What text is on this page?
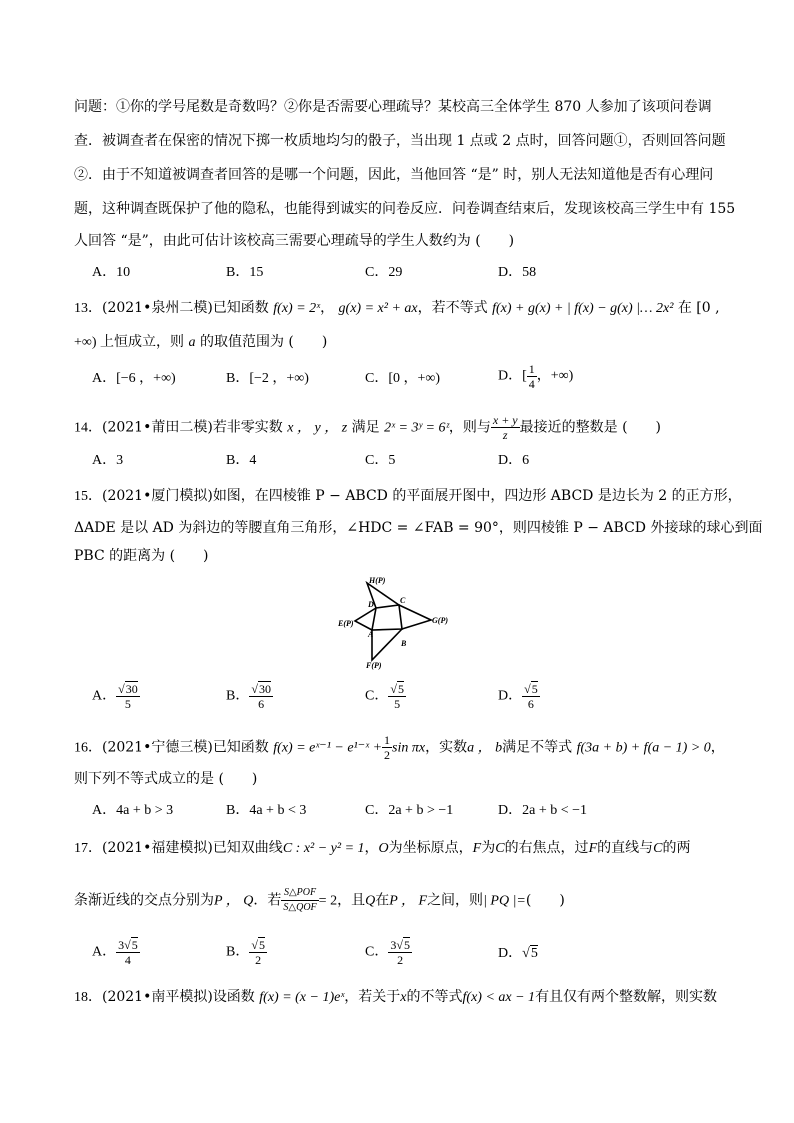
问题：①你的学号尾数是奇数吗？②你是否需要心理疏导？某校高三全体学生 870 人参加了该项问卷调
查．被调查者在保密的情况下掷一枚质地均匀的骰子，当出现 1 点或 2 点时，回答问题①，否则回答问题
②．由于不知道被调查者回答的是哪一个问题，因此，当他回答 “是” 时，别人无法知道他是否有心理问
题，这种调查既保护了他的隐私，也能得到诚实的问卷反应．问卷调查结束后，发现该校高三学生中有 155
人回答 “是”，由此可估计该校高三需要心理疏导的学生人数约为 (　　)
A．10	B．15	C．29	D．58
13．(2021•泉州二模)已知函数 f(x) = 2ˣ， g(x) = x² + ax，若不等式 f(x) + g(x) + | f(x) − g(x) |… 2x² 在 [0 ,
+∞) 上恒成立，则 a 的取值范围为 (　　)
A．[−6 ，+∞)	B．[−2 ，+∞)	C．[0 ，+∞)	D．[ $\frac{1}{4}$ ，+∞)
14．(2021•莆田二模)若非零实数 x ， y ， z 满足 2ˣ = 3ʸ = 6ᶻ，则与 $\frac{x + y}{z}$ 最接近的整数是 (　　)
A．3	B．4	C．5	D．6
15．(2021•厦门模拟)如图，在四棱锥 P − ABCD 的平面展开图中，四边形 ABCD 是边长为 2 的正方形，
ΔADE 是以 AD 为斜边的等腰直角三角形，∠HDC = ∠FAB = 90°，则四棱锥 P − ABCD 外接球的球心到面
PBC 的距离为 (　　)
H(P)
E(P)	G(P)
F(P)
A
B
C
D
A． $\frac{√30}{5}$	B． $\frac{√30}{6}$	C． $\frac{√5}{5}$	D． $\frac{√5}{6}$
16．(2021•宁德三模)已知函数 f(x) = eˣ⁻¹ − e¹⁻ˣ + $\frac{1}{2}$ sin πx，实数a ， b满足不等式 f(3a + b) + f(a − 1) > 0，
则下列不等式成立的是 (　　)
A．4a + b > 3	B．4a + b < 3	C．2a + b > −1	D．2a + b < −1
17．(2021•福建模拟)已知双曲线C : x² − y² = 1，O为坐标原点，F为C的右焦点，过F的直线与C的两
条渐近线的交点分别为P ， Q．若 $\frac{\text{S△POF}}{\text{S△QOF}} = 2$，且Q在P ， F之间，则| PQ |=(　　)
A． $\frac{3√5}{4}$	B． $\frac{√5}{2}$	C． $\frac{3√5}{2}$	D．√5
18．(2021•南平模拟)设函数 f(x) = (x − 1)eˣ，若关于x的不等式f(x) < ax − 1有且仅有两个整数解，则实数
